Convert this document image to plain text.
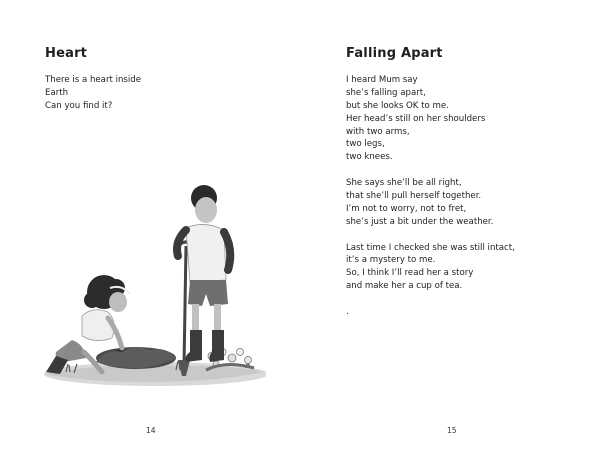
Heart
There is a heart inside
Earth
Can you find it?
14
Falling Apart
I heard Mum say
she’s falling apart,
but she looks OK to me.
Her head’s still on her shoulders
with two arms,
two legs,
two knees.
She says she’ll be all right,
that she’ll pull herself together.
I’m not to worry, not to fret,
she’s just a bit under the weather.
Last time I checked she was still intact,
it’s a mystery to me.
So, I think I’ll read her a story
and make her a cup of tea.
.
15
